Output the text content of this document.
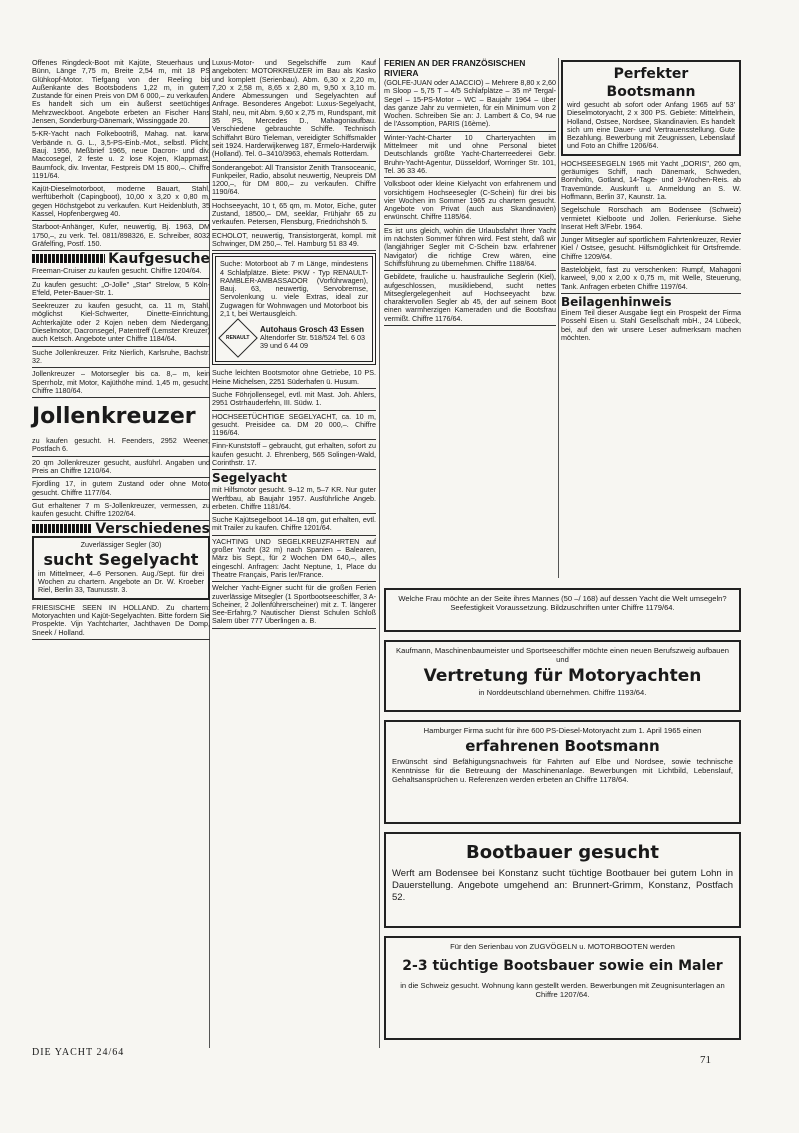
Offenes Ringdeck-Boot mit Kajüte, Steuerhaus und Bünn, Länge 7,75 m, Breite 2,54 m, mit 18 PS Glühkopf-Motor. Tiefgang von der Reeling bis Außenkante des Bootsbodens 1,22 m, in gutem Zustande für einen Preis von DM 6 000,– zu verkaufen. Es handelt sich um ein äußerst seetüchtiges Mehrzweckboot. Angebote erbeten an Fischer Hans Jensen, Sonderburg-Dänemark, Wissinggade 20.
5-KR-Yacht nach Folkebootriß, Mahag. nat. karw. Verbände n. G. L., 3,5-PS-Einb.-Mot., selbstl. Plicht, Bauj. 1956, Meßbrief 1965, neue Dacron- und div. Maccosegel, 2 feste u. 2 lose Kojen, Klappmast, Baumfock, div. Inventar, Festpreis DM 15 800,–. Chiffre 1191/64.
Kajüt-Dieselmotorboot, moderne Bauart, Stahl, werftüberholt (Capingboot), 10,00 x 3,20 x 0,80 m, gegen Höchstgebot zu verkaufen. Kurt Heidenbluth, 35 Kassel, Hopfenbergweg 40.
Starboot-Anhänger, Kufer, neuwertig, Bj. 1963, DM 1750,–, zu verk. Tel. 0811/898326, E. Schreiber, 8032 Gräfelfing, Postf. 150.
Kaufgesuche
Freeman-Cruiser zu kaufen gesucht. Chiffre 1204/64.
Zu kaufen gesucht: „O-Jolle" „Star" Strelow, 5 Köln-E'feld, Peter-Bauer-Str. 1.
Seekreuzer zu kaufen gesucht, ca. 11 m, Stahl, möglichst Kiel-Schwerter, Dinette-Einrichtung, Achterkajüte oder 2 Kojen neben dem Niedergang, Dieselmotor, Dacronsegel, Patentreff (Lemster Kreuzer) auch Ketsch. Angebote unter Chiffre 1184/64.
Suche Jollenkreuzer. Fritz Nierlich, Karlsruhe, Bachstr. 32.
Jollenkreuzer – Motorsegler bis ca. 8,– m, kein Sperrholz, mit Motor, Kajüthöhe mind. 1,45 m, gesucht. Chiffre 1180/64.
Jollenkreuzer
zu kaufen gesucht. H. Feenders, 2952 Weener, Postfach 6.
20 qm Jollenkreuzer gesucht, ausführl. Angaben und Preis an Chiffre 1210/64.
Fjordling 17, in gutem Zustand oder ohne Motor gesucht. Chiffre 1177/64.
Gut erhaltener 7 m S-Jollenkreuzer, vermessen, zu kaufen gesucht. Chiffre 1202/64.
Verschiedenes
Zuverlässiger Segler (30)
sucht Segelyacht
im Mittelmeer, 4–6 Personen. Aug./Sept. für drei Wochen zu chartern. Angebote an Dr. W. Kroeber Riel, Berlin 33, Taunusstr. 3.
FRIESISCHE SEEN IN HOLLAND. Zu chartern: Motoryachten und Kajüt-Segelyachten. Bitte fordern Sie Prospekte. Vijn Yachtcharter, Jachthaven De Domp, Sneek / Holland.
Luxus-Motor- und Segelschiffe zum Kauf angeboten: MOTORKREUZER im Bau als Kasko und komplett (Serienbau). Abm. 6,30 x 2,20 m, 7,20 x 2,58 m, 8,65 x 2,80 m, 9,50 x 3,10 m. Andere Abmessungen und Segelyachten auf Anfrage. Besonderes Angebot: Luxus-Segelyacht, Stahl, neu, mit Abm. 9,60 x 2,75 m, Rundspant, mit 35 PS, Mercedes D., Mahagoniaufbau. Verschiedene gebrauchte Schiffe. Technisch Schiffahrt Büro Tieleman, vereidigter Schiffsmakler seit 1924. Harderwijkerweg 187, Ermelo-Harderwijk (Holland). Tel. 0–3410/3963, ehemals Rotterdam.
Sonderangebot: All Transistor Zenith Transoceanic, Funkpeiler, Radio, absolut neuwertig, Neupreis DM 1200,–, für DM 800,– zu verkaufen. Chiffre 1190/64.
Hochseeyacht, 10 t, 65 qm, m. Motor, Eiche, guter Zustand, 18500,– DM, seeklar, Frühjahr 65 zu verkaufen. Petersen, Flensburg, Friedrichshöh 5.
ECHOLOT, neuwertig, Transistorgerät, kompl. mit Schwinger, DM 250,–. Tel. Hamburg 51 83 49.
Suche: Motorboot ab 7 m Länge, mindestens 4 Schlafplätze. Biete: PKW - Typ RENAULT-RAMBLER-AMBASSADOR (Vorführwagen), Bauj. 63, neuwertig, Servobremse, Servolenkung u. viele Extras, ideal zur Zugwagen für Wohnwagen und Motorboot bis 2,1 t, bei Wertausgleich.
RENAULT
Autohaus Grosch 43 Essen
Altendorfer Str. 518/524 Tel. 6 03 39 und 6 44 09
Suche leichten Bootsmotor ohne Getriebe, 10 PS. Heine Michelsen, 2251 Süderhafen ü. Husum.
Suche Föhrjollensegel, evtl. mit Mast. Joh. Ahlers, 2951 Ostrhauderfehn, III. Südw. 1.
HOCHSEETÜCHTIGE SEGELYACHT, ca. 10 m, gesucht. Preisidee ca. DM 20 000,–. Chiffre 1196/64.
Finn-Kunststoff – gebraucht, gut erhalten, sofort zu kaufen gesucht. J. Ehrenberg, 565 Solingen-Wald, Corinthstr. 17.
Segelyacht
mit Hilfsmotor gesucht. 9–12 m, 5–7 KR. Nur guter Werftbau, ab Baujahr 1957. Ausführliche Angeb. erbeten. Chiffre 1181/64.
Suche Kajütsegelboot 14–18 qm, gut erhalten, evtl. mit Trailer zu kaufen. Chiffre 1201/64.
YACHTING UND SEGELKREUZFAHRTEN auf großer Yacht (32 m) nach Spanien – Balearen, März bis Sept., für 2 Wochen DM 640,–, alles eingeschl. Anfragen: Jacht Neptune, 1, Place du Theatre Français, Paris Ier/France.
Welcher Yacht-Eigner sucht für die großen Ferien zuverlässige Mitsegler (1 Sportbootseeschiffer, 3 A-Scheiner, 2 Jollenführerscheiner) mit z. T. längerer See-Erfahrg.? Nautischer Dienst Schulen Schloß Salem über 777 Überlingen a. B.
FERIEN AN DER FRANZÖSISCHEN RIVIERA
(GOLFE-JUAN oder AJACCIO) – Mehrere 8,80 x 2,60 m Sloop – 5,75 T – 4/5 Schlafplätze – 35 m² Tergal-Segel – 15-PS-Motor – WC – Baujahr 1964 – über das ganze Jahr zu vermieten, für ein Minimum von 2 Wochen. Schreiben Sie an: J. Lambert & Co, 94 rue de l'Assomption, PARIS (16ème).
Winter-Yacht-Charter 10 Charteryachten im Mittelmeer mit und ohne Personal bietet Deutschlands größte Yacht-Charterreederei Gebr. Bruhn-Yacht-Agentur, Düsseldorf, Worringer Str. 101, Tel. 36 33 46.
Volksboot oder kleine Kielyacht von erfahrenem und vorsichtigem Hochseesegler (C-Schein) für drei bis vier Wochen im Sommer 1965 zu chartern gesucht. Angebote von Privat (auch aus Skandinavien) erwünscht. Chiffre 1185/64.
Es ist uns gleich, wohin die Urlaubsfahrt Ihrer Yacht im nächsten Sommer führen wird. Fest steht, daß wir (langjähriger Segler mit C-Schein bzw. erfahrener Navigator) die richtige Crew wären, eine Schiffsführung zu übernehmen. Chiffre 1188/64.
Gebildete, frauliche u. hausfrauliche Seglerin (Kiel), aufgeschlossen, musikliebend, sucht nettes Mitseglergelegenheit auf Hochseeyacht bzw. charaktervollen Segler ab 45, der auf seinem Boot einen warmherzigen Kameraden und die Bootsfrau vermißt. Chiffre 1176/64.
Perfekter Bootsmann
wird gesucht ab sofort oder Anfang 1965 auf 53' Dieselmotoryacht, 2 x 300 PS. Gebiete: Mittelrhein, Holland, Ostsee, Nordsee, Skandinavien. Es handelt sich um eine Dauer- und Vertrauensstellung. Gute Bezahlung. Bewerbung mit Zeugnissen, Lebenslauf und Foto an Chiffre 1206/64.
HOCHSEESEGELN 1965 mit Yacht „DORIS", 260 qm, geräumiges Schiff, nach Dänemark, Schweden, Bornholm, Gotland, 14-Tage- und 3-Wochen-Reis. ab Travemünde. Auskunft u. Anmeldung an S. W. Hoffmann, Berlin 37, Kaunstr. 1a.
Segelschule Rorschach am Bodensee (Schweiz) vermietet Kielboote und Jollen. Ferienkurse. Siehe Inserat Heft 3/Febr. 1964.
Junger Mitsegler auf sportlichem Fahrtenkreuzer, Revier Kiel / Ostsee, gesucht. Hilfsmöglichkeit für Ortsfremde. Chiffre 1209/64.
Bastelobjekt, fast zu verschenken: Rumpf, Mahagoni karweel, 9,00 x 2,00 x 0,75 m, mit Welle, Steuerung, Tank. Anfragen erbeten Chiffre 1197/64.
Beilagenhinweis
Einem Teil dieser Ausgabe liegt ein Prospekt der Firma Possehl Eisen u. Stahl Gesellschaft mbH., 24 Lübeck, bei, auf den wir unsere Leser aufmerksam machen möchten.
Welche Frau möchte an der Seite ihres Mannes (50 –/ 168) auf dessen Yacht die Welt umsegeln? Seefestigkeit Voraussetzung. Bildzuschriften unter Chiffre 1179/64.
Kaufmann, Maschinenbaumeister und Sportseeschiffer möchte einen neuen Berufszweig aufbauen und
Vertretung für Motoryachten
in Norddeutschland übernehmen. Chiffre 1193/64.
Hamburger Firma sucht für ihre 600 PS-Diesel-Motoryacht zum 1. April 1965 einen
erfahrenen Bootsmann
Erwünscht sind Befähigungsnachweis für Fahrten auf Elbe und Nordsee, sowie technische Kenntnisse für die Betreuung der Maschinenanlage. Bewerbungen mit Lichtbild, Lebenslauf, Gehaltsansprüchen u. Referenzen werden erbeten an Chiffre 1178/64.
Bootbauer gesucht
Werft am Bodensee bei Konstanz sucht tüchtige Bootbauer bei gutem Lohn in Dauerstellung. Angebote umgehend an: Brunnert-Grimm, Konstanz, Postfach 52.
Für den Serienbau von ZUGVÖGELN u. MOTORBOOTEN werden
2-3 tüchtige Bootsbauer sowie ein Maler
in die Schweiz gesucht. Wohnung kann gestellt werden. Bewerbungen mit Zeugnisunterlagen an Chiffre 1207/64.
DIE YACHT 24/64
71
